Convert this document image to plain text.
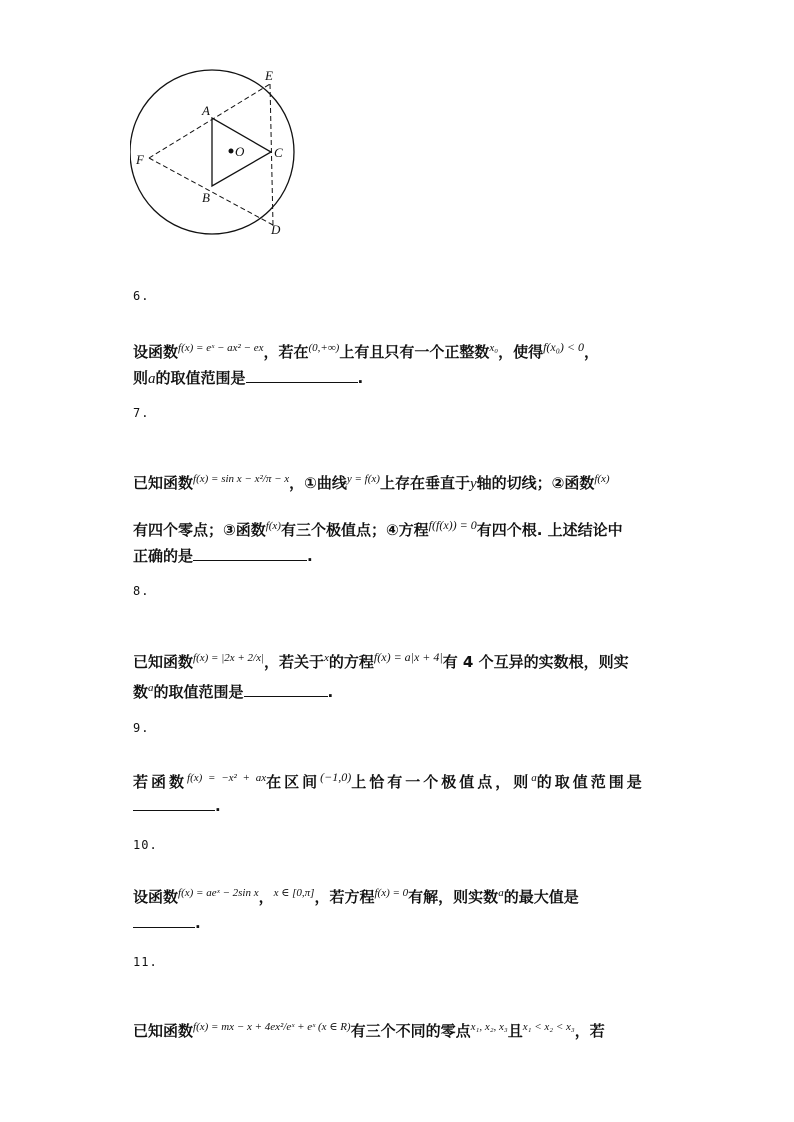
E
A
O C
F
B
D
6.
设函数$^{f(x) = eˣ - ax^2 - ex}$，若在$^{(0,+\infty)}$上有且只有一个正整数$^{x_0}$，使得$^{f(x_0) < 0}$，
则a的取值范围是	.
7.
已知函数$^{f(x) = sin x - x^2/\pi - x}$，①曲线$^{y = f(x)}$上存在垂直于y轴的切线；②函数$^{f(x)}$
有四个零点；③函数$^{f(x)}$有三个极值点；④方程$^{f(f(x)) = 0}$有四个根. 上述结论中
正确的是	.
8.
已知函数$^{f(x) = |2x + 2/x|}$，若关于$^x$的方程$^{f(x) = a|x + 4|}$有 4 个互异的实数根，则实
数$^a$的取值范围是	.
9.
若函数$^{f(x) = -x^2 + ax}$在区间$^{(-1,0)}$上恰有一个极值点，则$^a$的取值范围是
.
10.
设函数$^{f(x) = aeˣ - 2sin x}$，$^{x \in [0,\pi]}$，若方程$^{f(x) = 0}$有解，则实数$^a$的最大值是
.
11.
已知函数$^{f(x) = mx - x + 4ex^2/eˣ + eˣ (x \in R)}$有三个不同的零点$^{x_1, x_2, x_3}$且$^{x_1 < x_2 < x_3}$，若
